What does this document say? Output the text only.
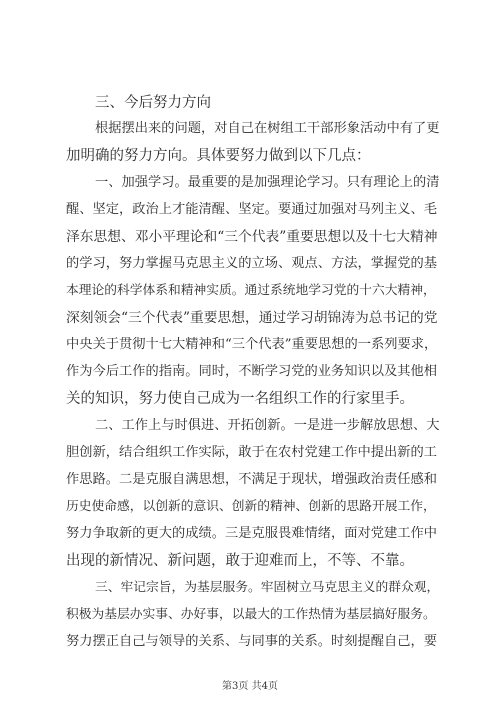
三、今后努力方向
根据摆出来的问题，对自己在树组工干部形象活动中有了更
加明确的努力方向。具体要努力做到以下几点：
一、加强学习。最重要的是加强理论学习。只有理论上的清
醒、坚定，政治上才能清醒、坚定。要通过加强对马列主义、毛
泽东思想、邓小平理论和“三个代表”重要思想以及十七大精神
的学习，努力掌握马克思主义的立场、观点、方法，掌握党的基
本理论的科学体系和精神实质。通过系统地学习党的十六大精神，
深刻领会“三个代表”重要思想，通过学习胡锦涛为总书记的党
中央关于贯彻十七大精神和“三个代表”重要思想的一系列要求，
作为今后工作的指南。同时，不断学习党的业务知识以及其他相
关的知识，努力使自己成为一名组织工作的行家里手。
二、工作上与时俱进、开拓创新。一是进一步解放思想、大
胆创新，结合组织工作实际，敢于在农村党建工作中提出新的工
作思路。二是克服自满思想，不满足于现状，增强政治责任感和
历史使命感，以创新的意识、创新的精神、创新的思路开展工作，
努力争取新的更大的成绩。三是克服畏难情绪，面对党建工作中
出现的新情况、新问题，敢于迎难而上，不等、不靠。
三、牢记宗旨，为基层服务。牢固树立马克思主义的群众观，
积极为基层办实事、办好事，以最大的工作热情为基层搞好服务。
努力摆正自己与领导的关系、与同事的关系。时刻提醒自己，要
第3页 共4页
